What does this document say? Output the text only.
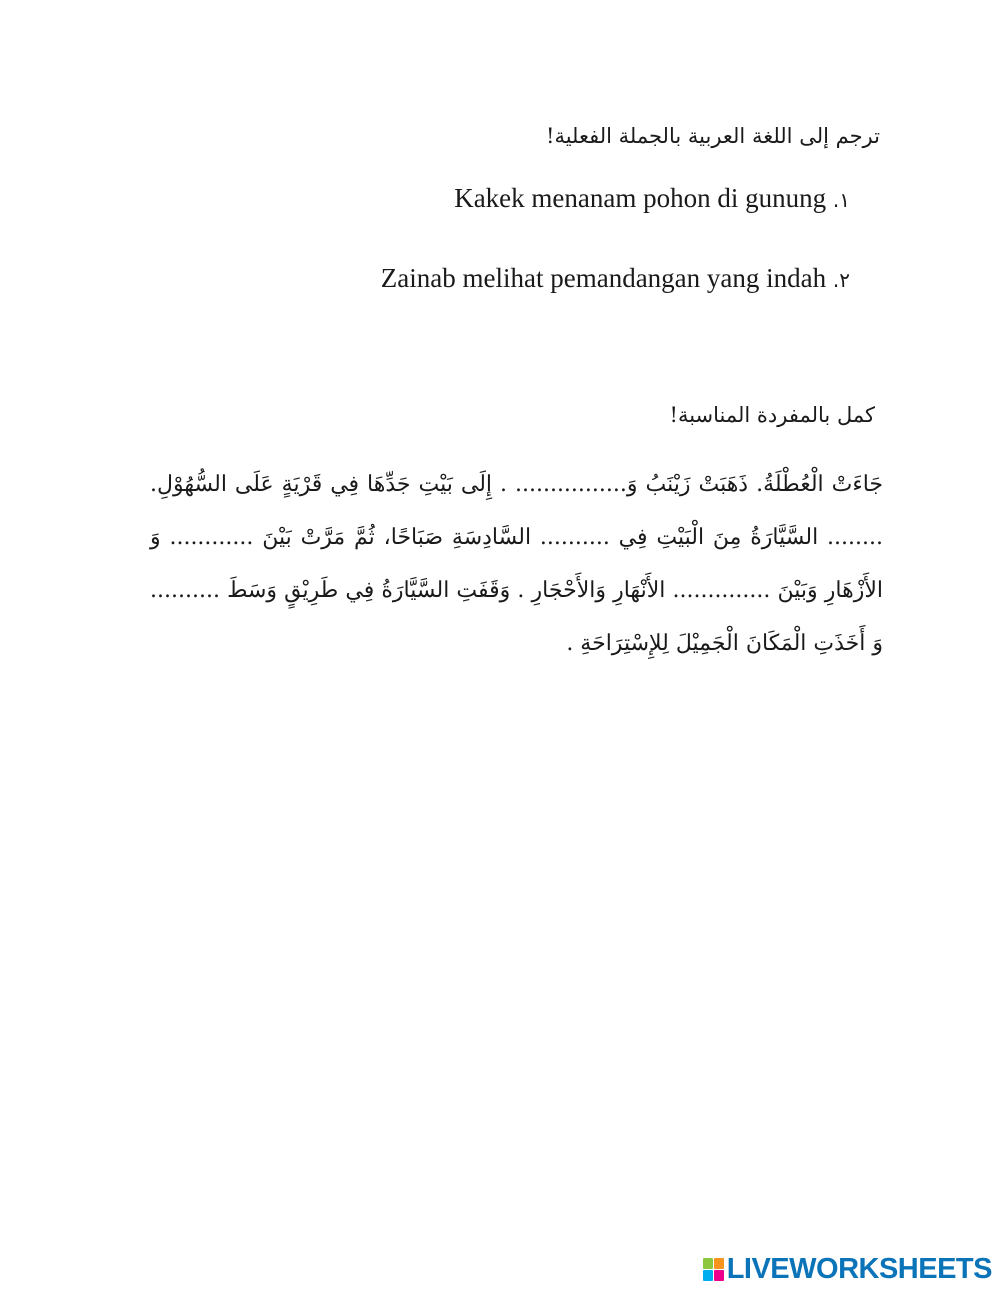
ترجم إلى اللغة العربية بالجملة الفعلية!
١. Kakek menanam pohon di gunung
٢. Zainab melihat pemandangan yang indah
كمل بالمفردة المناسبة!
جَاءَتْ الْعُطْلَةُ. ذَهَبَتْ زَيْنَبُ وَ................ . إِلَى بَيْتِ جَدِّهَا فِي قَرْيَةٍ عَلَى السُّهُوْلِ. ........ السَّيَّارَةُ مِنَ الْبَيْتِ فِي .......... السَّادِسَةِ صَبَاحًا، ثُمَّ مَرَّتْ بَيْنَ ............ وَ الأَزْهَارِ وَبَيْنَ .............. الأَنْهَارِ وَالأَحْجَارِ . وَقَفَتِ السَّيَّارَةُ فِي طَرِيْقٍ وَسَطَ .......... وَ أَخَذَتِ الْمَكَانَ الْجَمِيْلَ لِلإِسْتِرَاحَةِ .
LIVEWORKSHEETS
